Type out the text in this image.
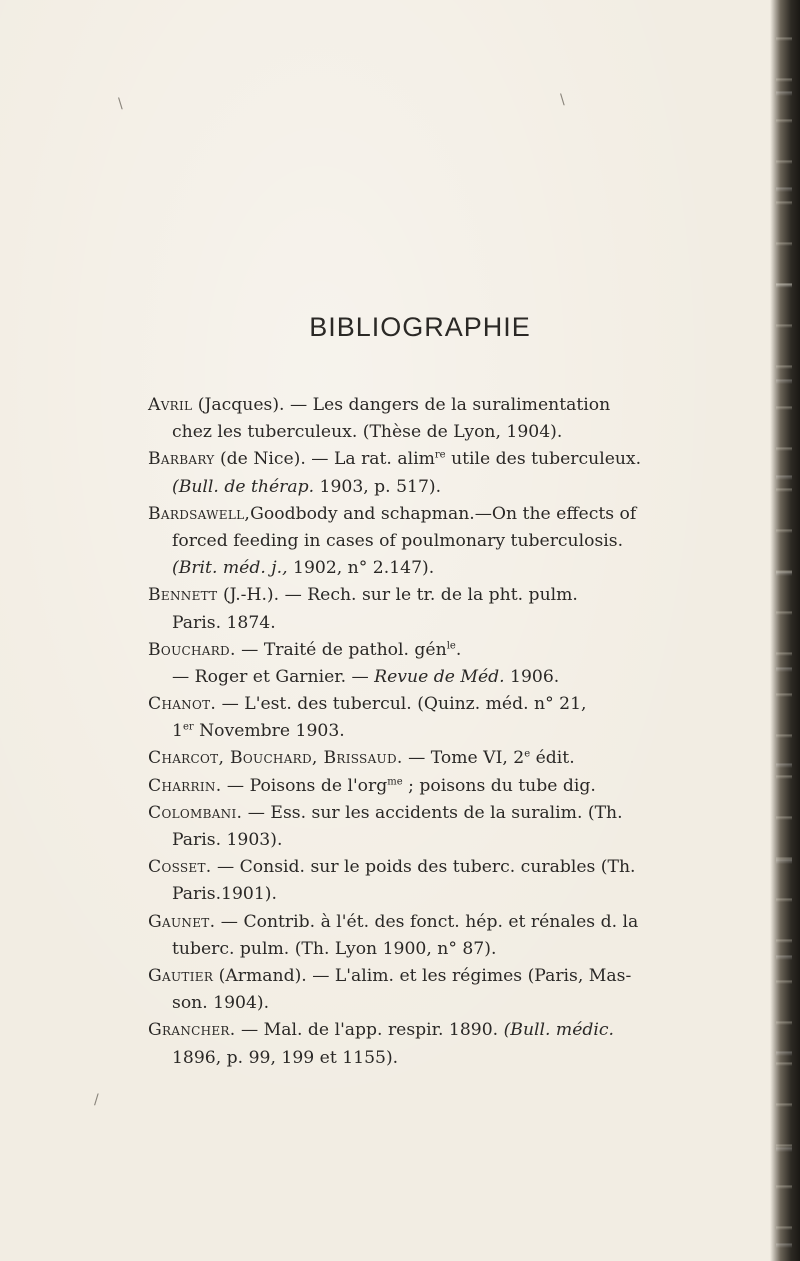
\	\
/
BIBLIOGRAPHIE
Avril (Jacques). — Les dangers de la suralimentation
chez les tuberculeux. (Thèse de Lyon, 1904).
Barbary (de Nice). — La rat. alim$^{re}$ utile des tuberculeux.
(Bull. de thérap. 1903, p. 517).
Bardsawell,Goodbody and schapman.—On the effects of
forced feeding in cases of poulmonary tuberculosis.
(Brit. méd. j., 1902, n° 2.147).
Bennett (J.-H.). — Rech. sur le tr. de la pht. pulm.
Paris. 1874.
Bouchard. — Traité de pathol. gén$^{le}$.
— Roger et Garnier. — Revue de Méd. 1906.
Chanot. — L'est. des tubercul. (Quinz. méd. n° 21,
1er Novembre 1903.
Charcot, Bouchard, Brissaud. — Tome VI, 2e édit.
Charrin. — Poisons de l'org$^{me}$ ; poisons du tube dig.
Colombani. — Ess. sur les accidents de la suralim. (Th.
Paris. 1903).
Cosset. — Consid. sur le poids des tuberc. curables (Th.
Paris.1901).
Gaunet. — Contrib. à l'ét. des fonct. hép. et rénales d. la
tuberc. pulm. (Th. Lyon 1900, n° 87).
Gautier (Armand). — L'alim. et les régimes (Paris, Mas-
son. 1904).
Grancher. — Mal. de l'app. respir. 1890. (Bull. médic.
1896, p. 99, 199 et 1155).
